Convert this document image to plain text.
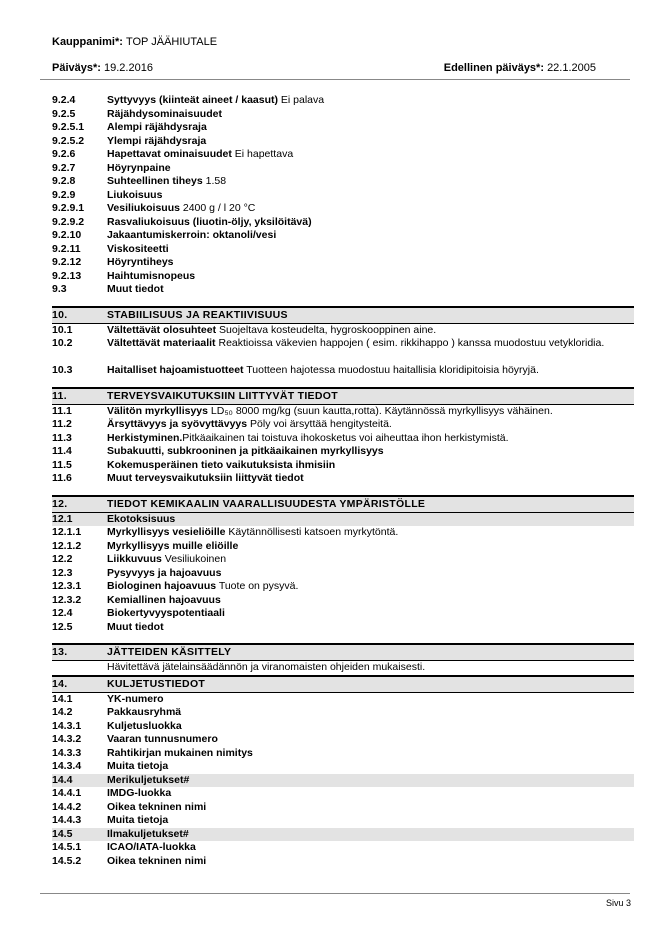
Kauppanimi*: TOP JÄÄHIUTALE
Päiväys*: 19.2.2016	Edellinen päiväys*: 22.1.2005
9.2.4	Syttyvyys (kiinteät aineet / kaasut) Ei palava
9.2.5	Räjähdysominaisuudet
9.2.5.1 Alempi räjähdysraja
9.2.5.2 Ylempi räjähdysraja
9.2.6	Hapettavat ominaisuudet Ei hapettava
9.2.7	Höyrynpaine
9.2.8	Suhteellinen tiheys 1.58
9.2.9	Liukoisuus
9.2.9.1 Vesiliukoisuus 2400 g / l 20 °C
9.2.9.2 Rasvaliukoisuus (liuotin-öljy, yksilöitävä)
9.2.10 Jakaantumiskerroin: oktanoli/vesi
9.2.11	Viskositeetti
9.2.12 Höyryntiheys
9.2.13 Haihtumisnopeus
9.3	Muut tiedot
10.	STABIILISUUS JA REAKTIIVISUUS
10.1	Vältettävät olosuhteet Suojeltava kosteudelta, hygroskooppinen aine.
10.2	Vältettävät materiaalit Reaktioissa väkevien happojen ( esim. rikkihappo ) kanssa muodostuu vetykloridia.
10.3	Haitalliset hajoamistuotteet Tuotteen hajotessa muodostuu haitallisia kloridipitoisia höyryjä.
11.	TERVEYSVAIKUTUKSIIN LIITTYVÄT TIEDOT
11.1	Välitön myrkyllisyys LD₅₀ 8000 mg/kg (suun kautta,rotta). Käytännössä myrkyllisyys vähäinen.
11.2	Ärsyttävyys ja syövyttävyys Pöly voi ärsyttää hengitysteitä.
11.3	Herkistyminen.Pitkäaikainen tai toistuva ihokosketus voi aiheuttaa ihon herkistymistä.
11.4	Subakuutti, subkrooninen ja pitkäaikainen myrkyllisyys
11.5	Kokemusperäinen tieto vaikutuksista ihmisiin
11.6	Muut terveysvaikutuksiin liittyvät tiedot
12.	TIEDOT KEMIKAALIN VAARALLISUUDESTA YMPÄRISTÖLLE
12.1	Ekotoksisuus
12.1.1 Myrkyllisyys vesieliöille Käytännöllisesti katsoen myrkytöntä.
12.1.2 Myrkyllisyys muille eliöille
12.2	Liikkuvuus Vesiliukoinen
12.3	Pysyvyys ja hajoavuus
12.3.1 Biologinen hajoavuus Tuote on pysyvä.
12.3.2 Kemiallinen hajoavuus
12.4	Biokertyvyyspotentiaali
12.5	Muut tiedot
13.	JÄTTEIDEN KÄSITTELY
Hävitettävä jätelainsäädännön ja viranomaisten ohjeiden mukaisesti.
14.	KULJETUSTIEDOT
14.1	YK-numero
14.2	Pakkausryhmä
14.3.1 Kuljetusluokka
14.3.2 Vaaran tunnusnumero
14.3.3 Rahtikirjan mukainen nimitys
14.3.4 Muita tietoja
14.4	Merikuljetukset#
14.4.1 IMDG-luokka
14.4.2 Oikea tekninen nimi
14.4.3 Muita tietoja
14.5	Ilmakuljetukset#
14.5.1 ICAO/IATA-luokka
14.5.2 Oikea tekninen nimi
Sivu 3
